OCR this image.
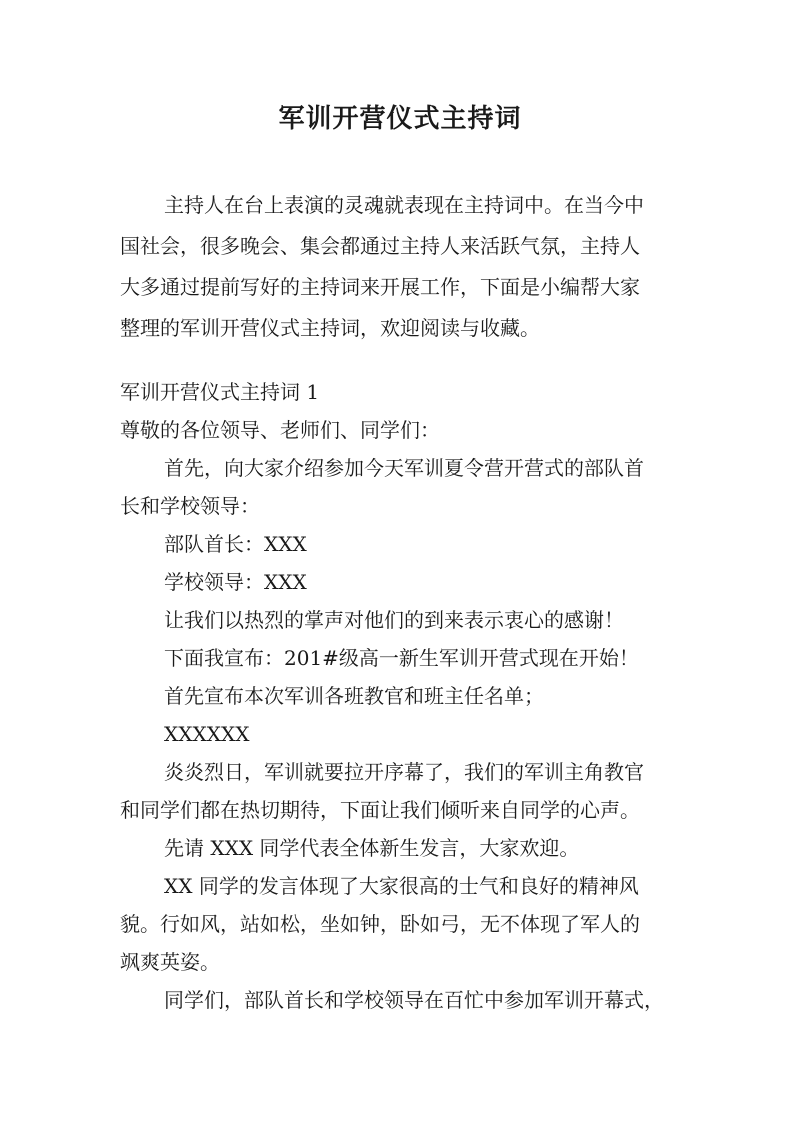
军训开营仪式主持词
主持人在台上表演的灵魂就表现在主持词中。在当今中
国社会，很多晚会、集会都通过主持人来活跃气氛，主持人
大多通过提前写好的主持词来开展工作，下面是小编帮大家
整理的军训开营仪式主持词，欢迎阅读与收藏。
军训开营仪式主持词 1
尊敬的各位领导、老师们、同学们：
首先，向大家介绍参加今天军训夏令营开营式的部队首
长和学校领导：
部队首长：XXX
学校领导：XXX
让我们以热烈的掌声对他们的到来表示衷心的感谢！
下面我宣布：201#级高一新生军训开营式现在开始！
首先宣布本次军训各班教官和班主任名单；
XXXXXX
炎炎烈日，军训就要拉开序幕了，我们的军训主角教官
和同学们都在热切期待，下面让我们倾听来自同学的心声。
先请 XXX 同学代表全体新生发言，大家欢迎。
XX 同学的发言体现了大家很高的士气和良好的精神风
貌。行如风，站如松，坐如钟，卧如弓，无不体现了军人的
飒爽英姿。
同学们，部队首长和学校领导在百忙中参加军训开幕式，
